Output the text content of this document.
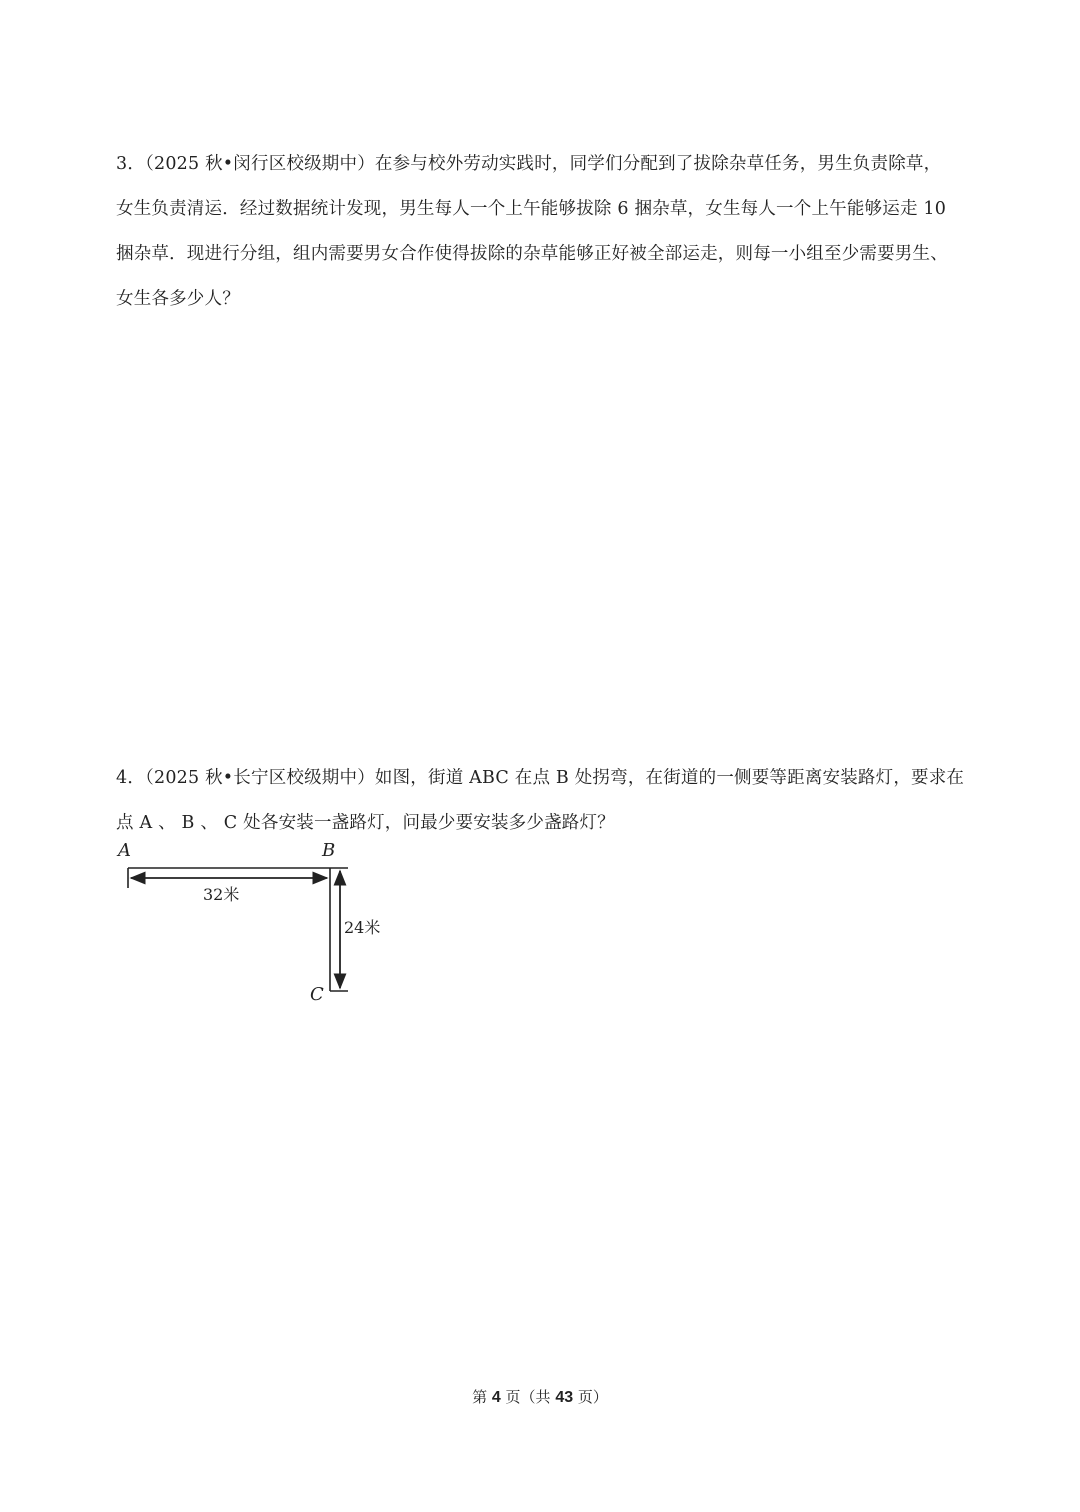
3．（2025 秋•闵行区校级期中）在参与校外劳动实践时，同学们分配到了拔除杂草任务，男生负责除草，
女生负责清运．经过数据统计发现，男生每人一个上午能够拔除 6 捆杂草，女生每人一个上午能够运走 10
捆杂草．现进行分组，组内需要男女合作使得拔除的杂草能够正好被全部运走，则每一小组至少需要男生、
女生各多少人？
4．（2025 秋•长宁区校级期中）如图，街道 ABC 在点 B 处拐弯，在街道的一侧要等距离安装路灯，要求在
点 A 、 B 、 C 处各安装一盏路灯，问最少要安装多少盏路灯？
A	B
C
32米
24米
第 4 页（共 43 页）
